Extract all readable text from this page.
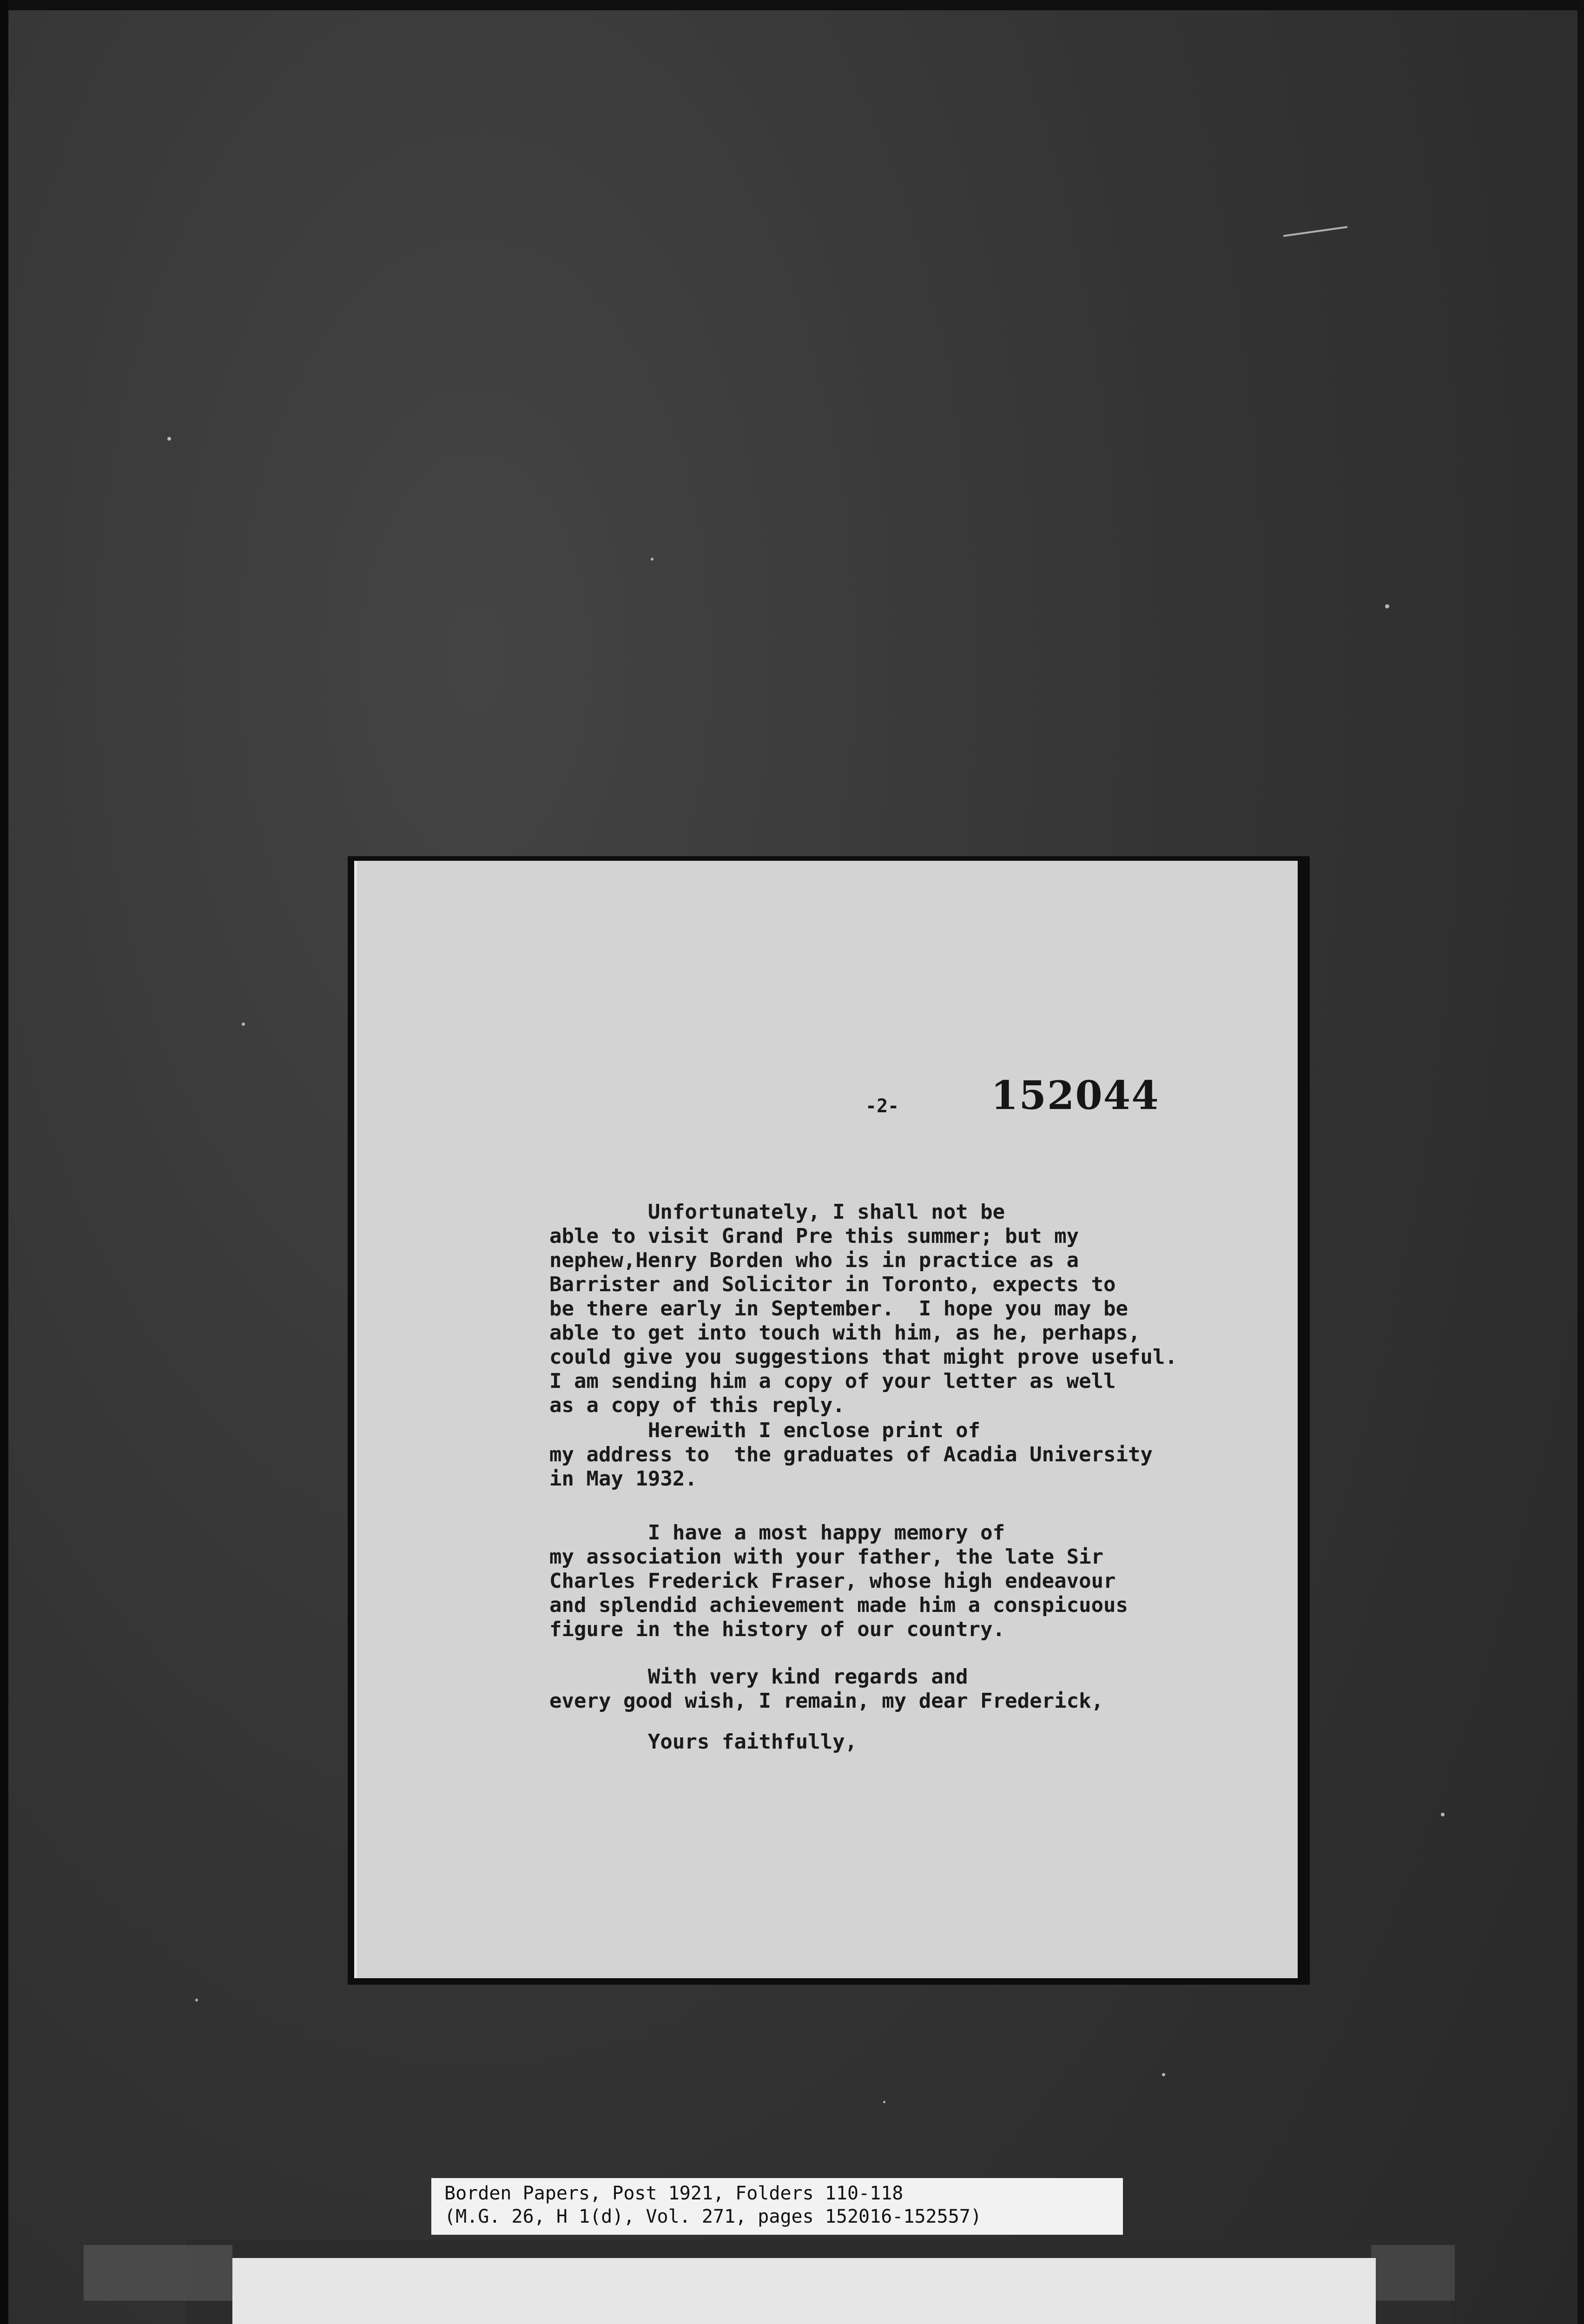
-2- 152044
Unfortunately, I shall not be
able to visit Grand Pre this summer; but my
nephew,Henry Borden who is in practice as a
Barrister and Solicitor in Toronto, expects to
be there early in September.  I hope you may be
able to get into touch with him, as he, perhaps,
could give you suggestions that might prove useful.
I am sending him a copy of your letter as well
as a copy of this reply.
Herewith I enclose print of
my address to  the graduates of Acadia University
in May 1932.
I have a most happy memory of
my association with your father, the late Sir
Charles Frederick Fraser, whose high endeavour
and splendid achievement made him a conspicuous
figure in the history of our country.
With very kind regards and
every good wish, I remain, my dear Frederick,
Yours faithfully,
Borden Papers, Post 1921, Folders 110-118
(M.G. 26, H 1(d), Vol. 271, pages 152016-152557)
